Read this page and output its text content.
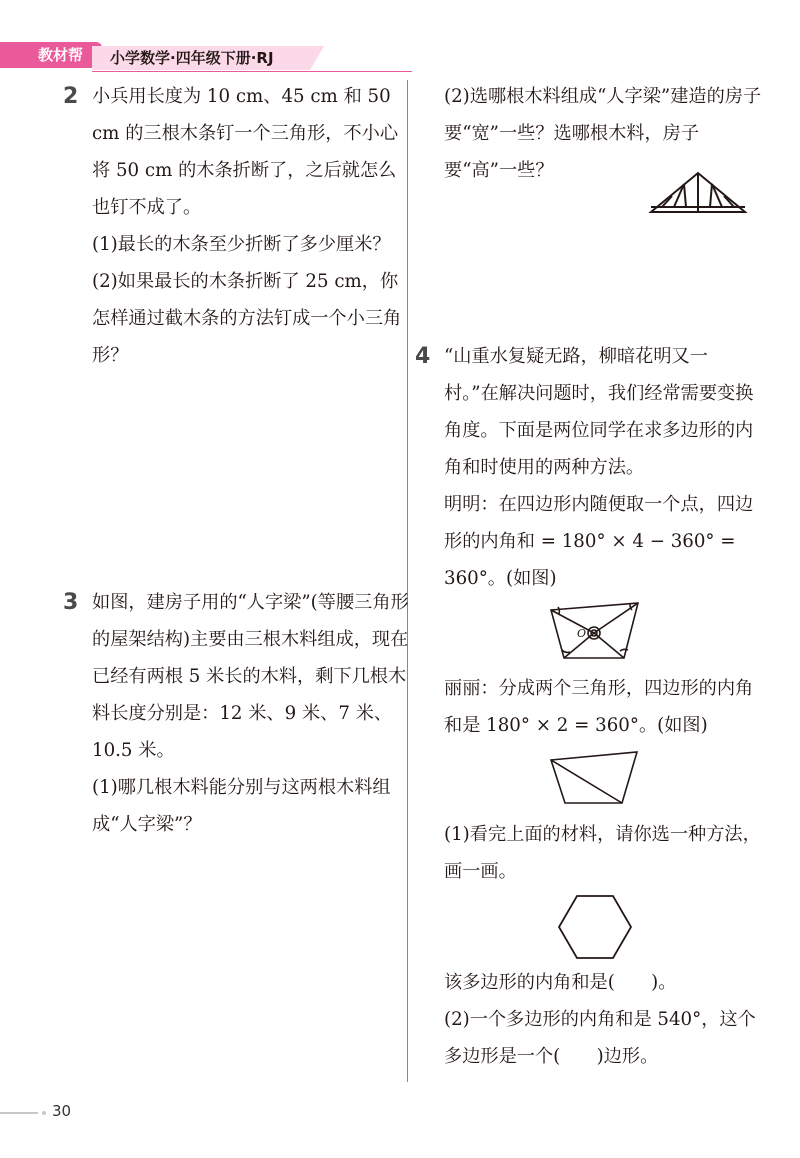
教材帮	小学数学·四年级下册·RJ
2 小兵用长度为 10 cm、45 cm 和 50 cm 的三根木条钉一个三角形，不小心将 50 cm 的木条折断了，之后就怎么也钉不成了。

(1)最长的木条至少折断了多少厘米？

(2)如果最长的木条折断了 25 cm，你怎样通过截木条的方法钉成一个小三角形？

3 如图，建房子用的“人字梁”(等腰三角形的屋架结构)主要由三根木料组成，现在已经有两根 5 米长的木料，剩下几根木料长度分别是：12 米、9 米、7 米、10.5 米。

(1)哪几根木料能分别与这两根木料组成“人字梁”？

(2)选哪根木料组成“人字梁”建造的房子要“宽”一些？选哪根木料，房子要“高”一些？

4 “山重水复疑无路，柳暗花明又一村。”在解决问题时，我们经常需要变换角度。下面是两位同学在求多边形的内角和时使用的两种方法。

明明：在四边形内随便取一个点，四边形的内角和 = 180° × 4 − 360° = 360°。(如图)

O

丽丽：分成两个三角形，四边形的内角和是 180° × 2 = 360°。(如图)

(1)看完上面的材料，请你选一种方法，画一画。

该多边形的内角和是(　　)。

(2)一个多边形的内角和是 540°，这个多边形是一个(　　)边形。

30
